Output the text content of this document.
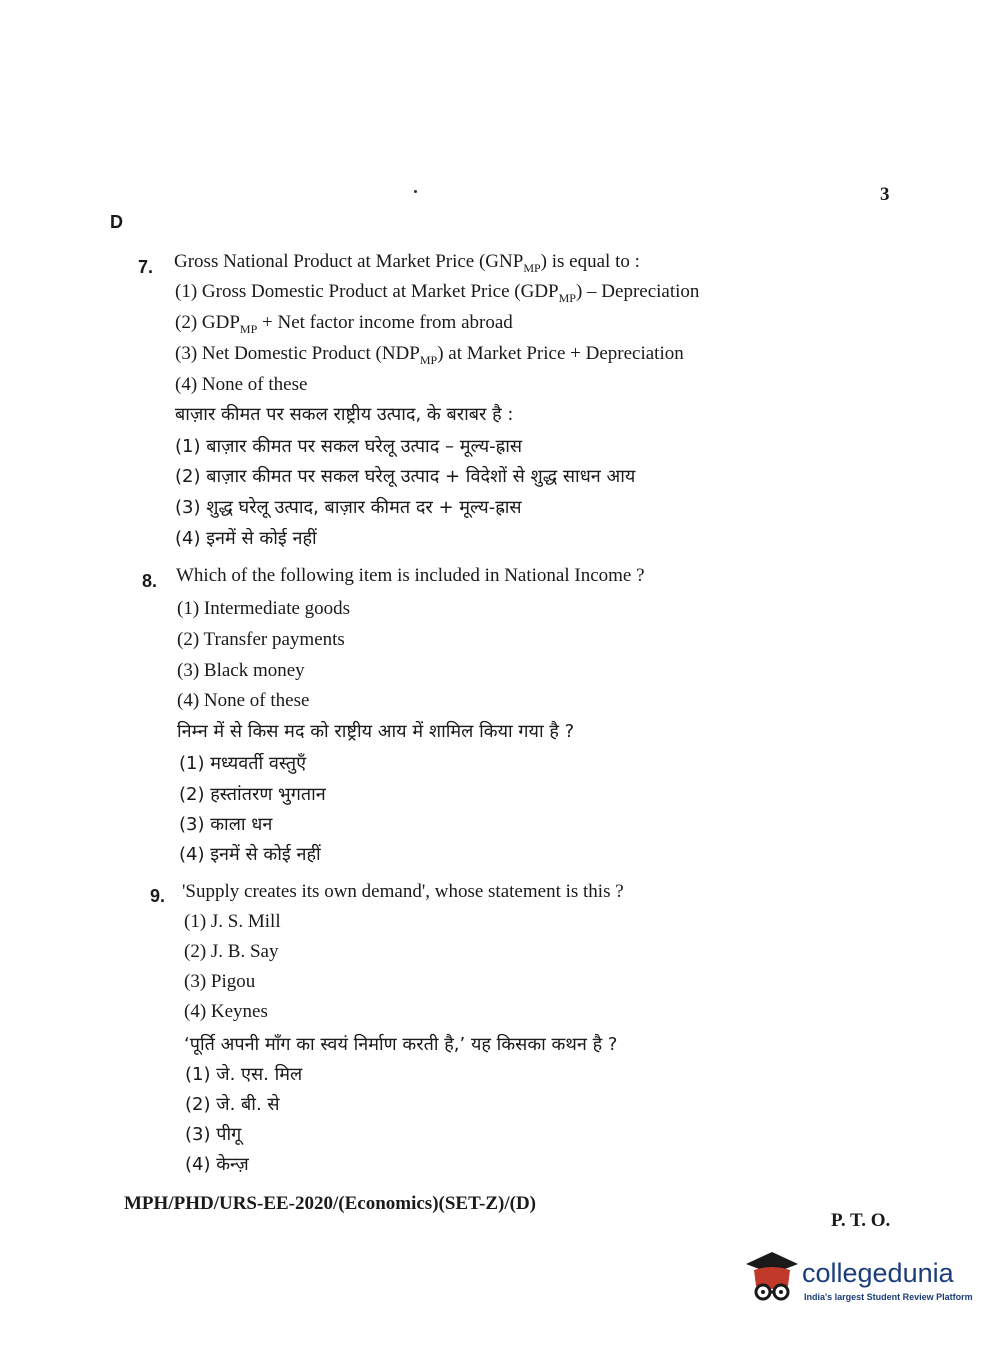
3
D
7. Gross National Product at Market Price $(GNP_{MP})$ is equal to :
(1) Gross Domestic Product at Market Price $(GDP_{MP})$ – Depreciation
(2) $GDP_{MP}$ + Net factor income from abroad
(3) Net Domestic Product $(NDP_{MP})$ at Market Price + Depreciation
(4) None of these
बाज़ार कीमत पर सकल राष्ट्रीय उत्पाद, के बराबर है :
(1) बाज़ार कीमत पर सकल घरेलू उत्पाद – मूल्य-ह्रास
(2) बाज़ार कीमत पर सकल घरेलू उत्पाद + विदेशों से शुद्ध साधन आय
(3) शुद्ध घरेलू उत्पाद, बाज़ार कीमत दर + मूल्य-ह्रास
(4) इनमें से कोई नहीं
8. Which of the following item is included in National Income ?
(1) Intermediate goods
(2) Transfer payments
(3) Black money
(4) None of these
निम्न में से किस मद को राष्ट्रीय आय में शामिल किया गया है ?
(1) मध्यवर्ती वस्तुएँ
(2) हस्तांतरण भुगतान
(3) काला धन
(4) इनमें से कोई नहीं
9. 'Supply creates its own demand', whose statement is this ?
(1) J. S. Mill
(2) J. B. Say
(3) Pigou
(4) Keynes
‘पूर्ति अपनी माँग का स्वयं निर्माण करती है,’ यह किसका कथन है ?
(1) जे. एस. मिल
(2) जे. बी. से
(3) पीगू
(4) केन्ज़
MPH/PHD/URS-EE-2020/(Economics)(SET-Z)/(D)
P. T. O.
collegedunia
India's largest Student Review Platform
